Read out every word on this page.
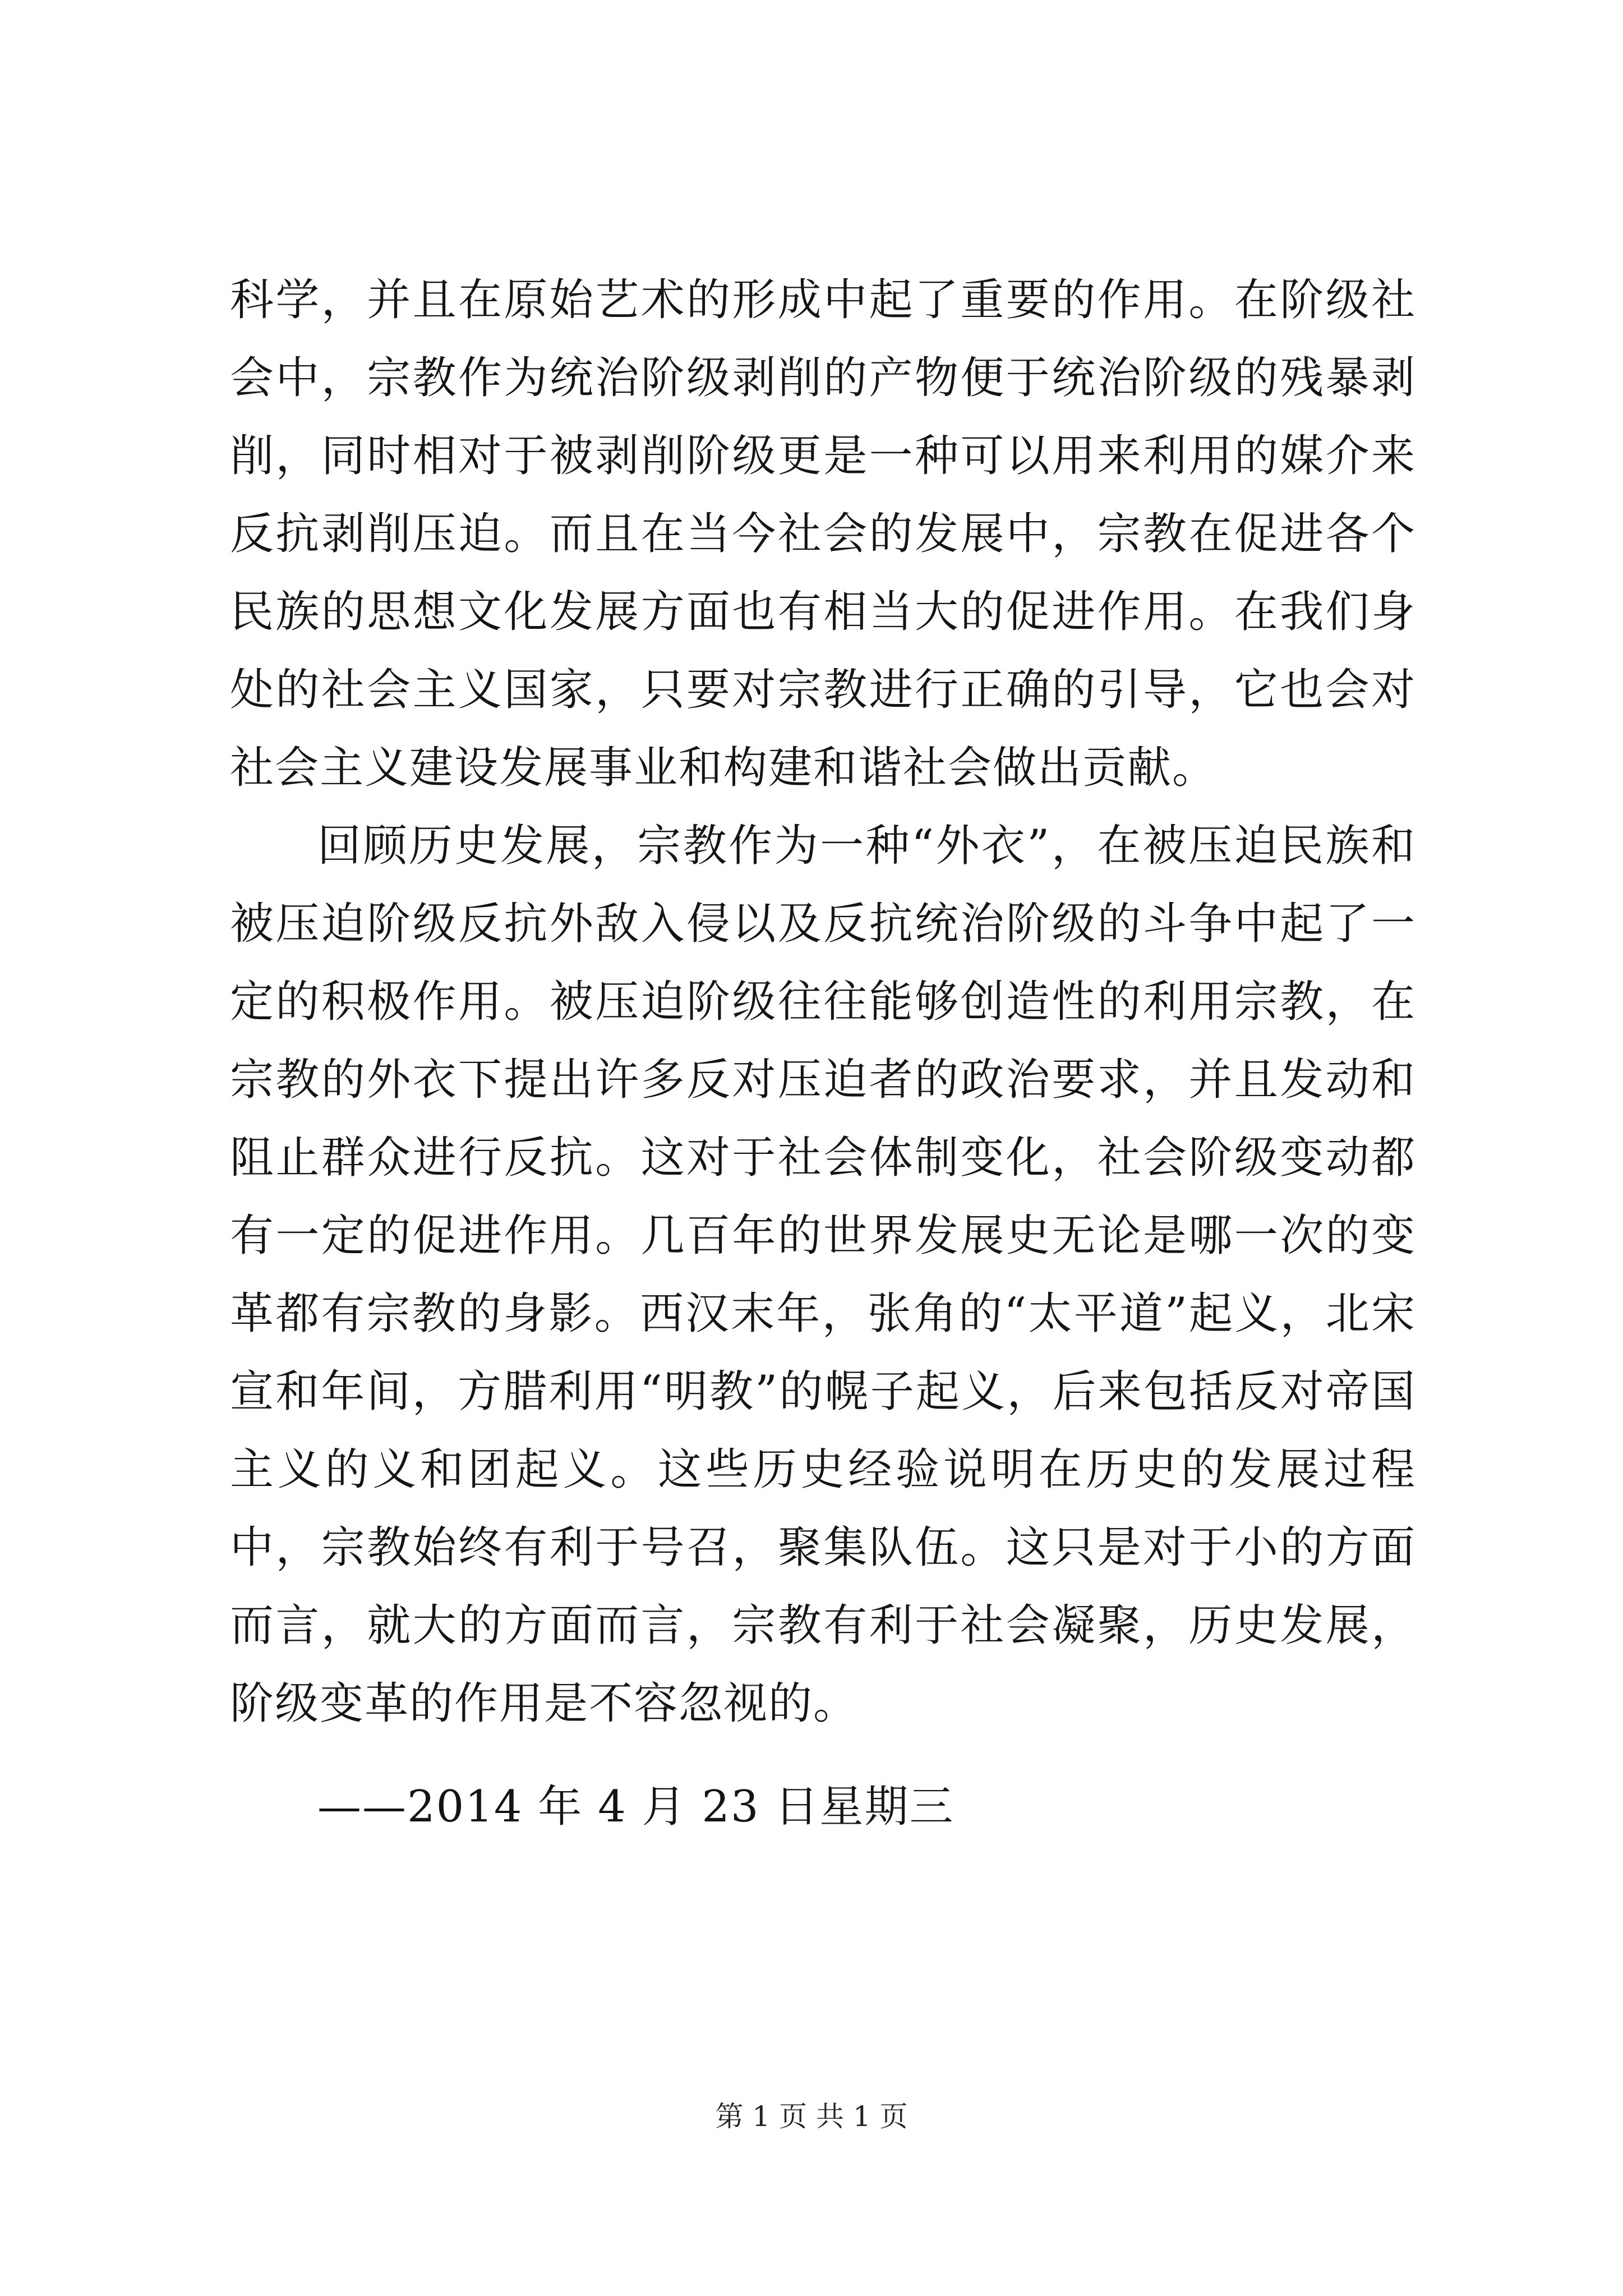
科学，并且在原始艺术的形成中起了重要的作用。在阶级社会中，宗教作为统治阶级剥削的产物便于统治阶级的残暴剥削，同时相对于被剥削阶级更是一种可以用来利用的媒介来反抗剥削压迫。而且在当今社会的发展中，宗教在促进各个民族的思想文化发展方面也有相当大的促进作用。在我们身处的社会主义国家，只要对宗教进行正确的引导，它也会对社会主义建设发展事业和构建和谐社会做出贡献。

回顾历史发展，宗教作为一种“外衣”，在被压迫民族和被压迫阶级反抗外敌入侵以及反抗统治阶级的斗争中起了一定的积极作用。被压迫阶级往往能够创造性的利用宗教，在宗教的外衣下提出许多反对压迫者的政治要求，并且发动和阻止群众进行反抗。这对于社会体制变化，社会阶级变动都有一定的促进作用。几百年的世界发展史无论是哪一次的变革都有宗教的身影。西汉末年，张角的“太平道”起义，北宋宣和年间，方腊利用“明教”的幌子起义，后来包括反对帝国主义的义和团起义。这些历史经验说明在历史的发展过程中，宗教始终有利于号召，聚集队伍。这只是对于小的方面而言，就大的方面而言，宗教有利于社会凝聚，历史发展，阶级变革的作用是不容忽视的。

——2014 年 4 月 23 日星期三
第 1 页 共 1 页
